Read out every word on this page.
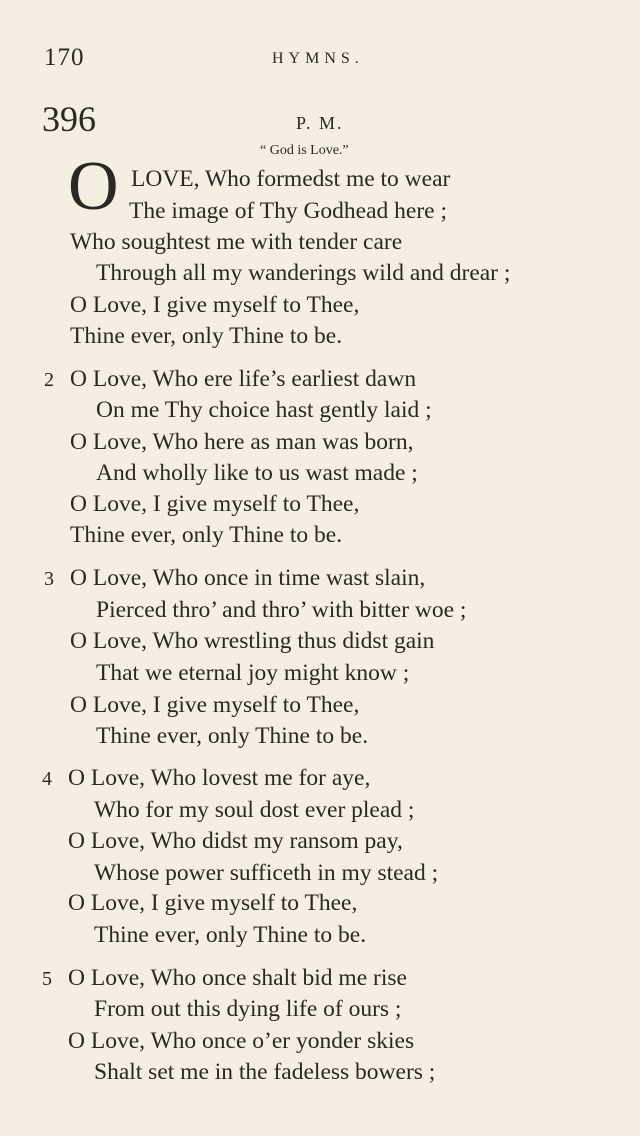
170	HYMNS.
396	P. M.
“ God is Love.”
O LOVE, Who formedst me to wear
The image of Thy Godhead here ;
Who soughtest me with tender care
Through all my wanderings wild and drear ;
O Love, I give myself to Thee,
Thine ever, only Thine to be.
2 O Love, Who ere life’s earliest dawn
On me Thy choice hast gently laid ;
O Love, Who here as man was born,
And wholly like to us wast made ;
O Love, I give myself to Thee,
Thine ever, only Thine to be.
3 O Love, Who once in time wast slain,
Pierced thro’ and thro’ with bitter woe ;
O Love, Who wrestling thus didst gain
That we eternal joy might know ;
O Love, I give myself to Thee,
Thine ever, only Thine to be.
4 O Love, Who lovest me for aye,
Who for my soul dost ever plead ;
O Love, Who didst my ransom pay,
Whose power sufficeth in my stead ;
O Love, I give myself to Thee,
Thine ever, only Thine to be.
5 O Love, Who once shalt bid me rise
From out this dying life of ours ;
O Love, Who once o’er yonder skies
Shalt set me in the fadeless bowers ;
